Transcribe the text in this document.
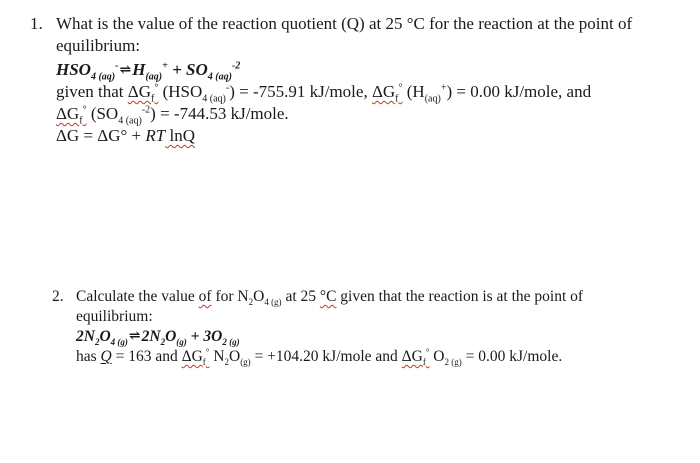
1. What is the value of the reaction quotient (Q) at 25 °C for the reaction at the point of
equilibrium:
$HSO_{4 (aq)}^-\rightleftharpoons H_{(aq)}^+ + SO_{4 (aq)}^{-2}$
given that $\Delta G_f^\circ$ $(HSO_{4 (aq)}^-) = -755.91$ kJ/mole, $\Delta G_f^\circ$ $(H_{(aq)}^+) = 0.00$ kJ/mole, and
$\Delta G_f^\circ$ $(SO_{4 (aq)}^{-2}) = -744.53$ kJ/mole.
ΔG = ΔG° + RT lnQ
2. Calculate the value of for $N_2O_{4 (g)}$ at 25 °C given that the reaction is at the point of
equilibrium:
$2N_2O_{4 (g)}\rightleftharpoons 2N_2O_{(g)} + 3O_{2 (g)}$
has Q = 163 and $\Delta G_f^\circ$ $N_2O_{(g)} = +104.20$ kJ/mole and $\Delta G_f^\circ$ $O_{2 (g)} = 0.00$ kJ/mole.
